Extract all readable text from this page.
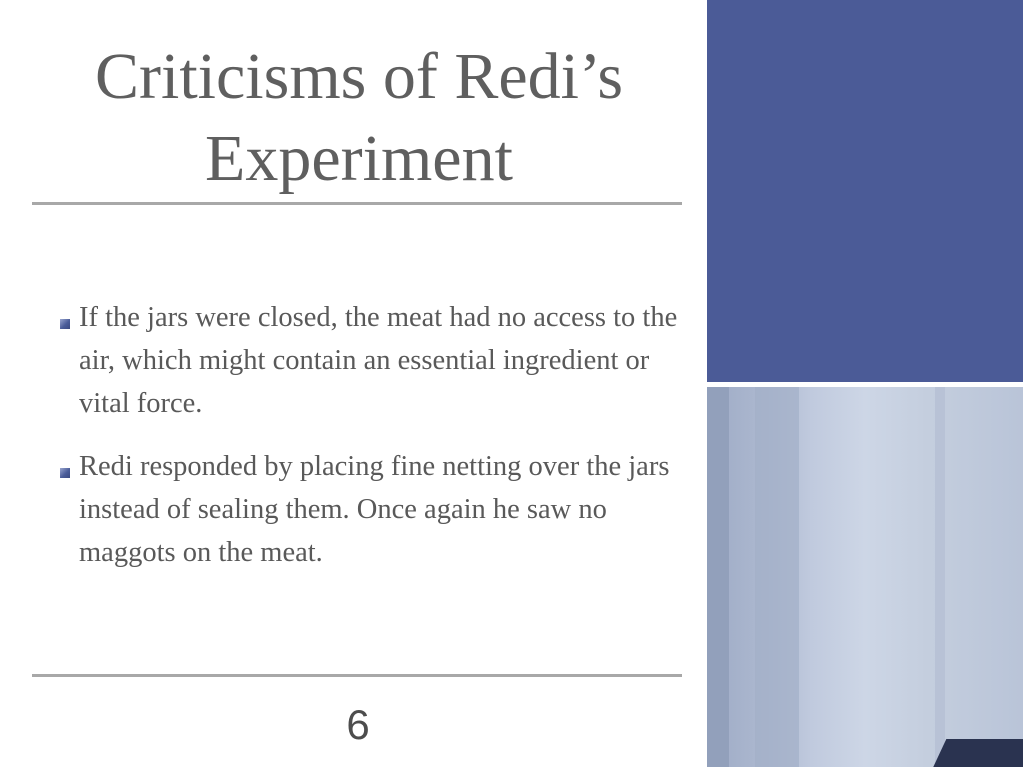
Criticisms of Redi’s Experiment
If the jars were closed, the meat had no access to the air, which might contain an essential ingredient or vital force.
Redi responded by placing fine netting over the jars instead of sealing them. Once again he saw no maggots on the meat.
6
